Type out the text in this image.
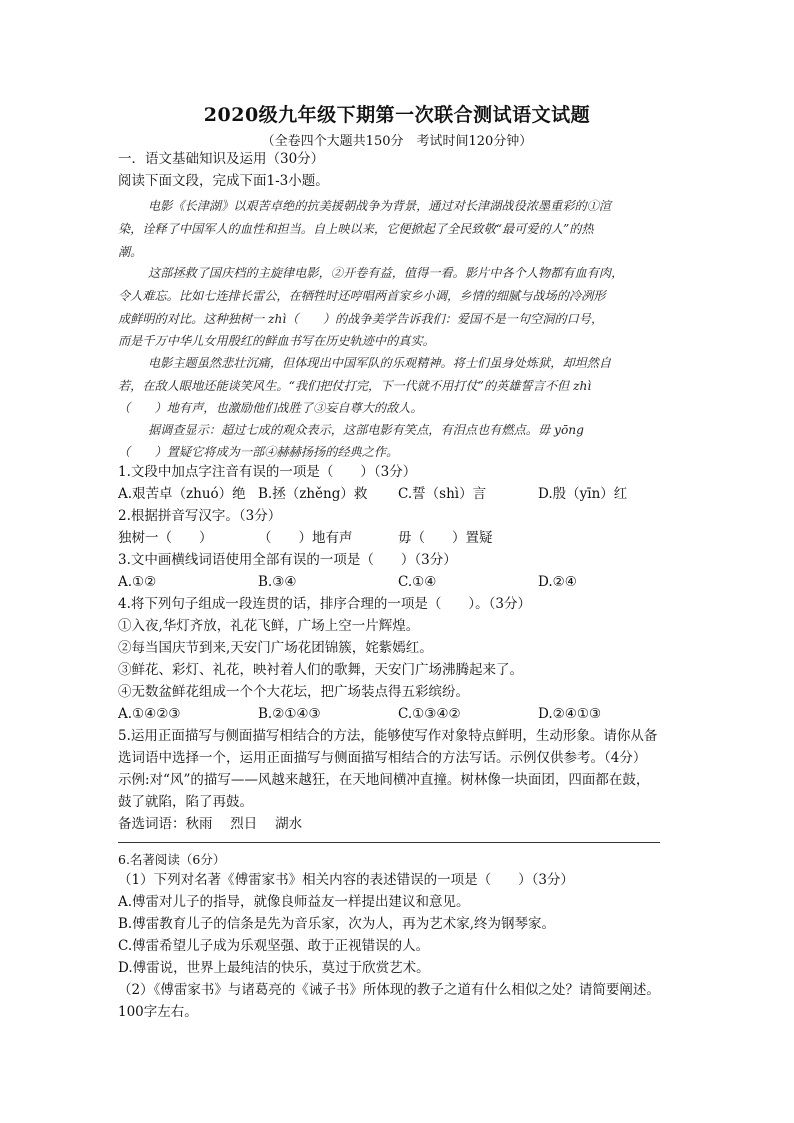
2020级九年级下期第一次联合测试语文试题
（全卷四个大题共150分　考试时间120分钟）
一．语文基础知识及运用（30分）
阅读下面文段，完成下面1-3小题。
电影《长津湖》以艰苦卓绝的抗美援朝战争为背景，通过对长津湖战役浓墨重彩的①渲
染，诠释了中国军人的血性和担当。自上映以来，它便掀起了全民致敬“最可爱的人”的热
潮。
这部拯救了国庆档的主旋律电影，②开卷有益，值得一看。影片中各个人物都有血有肉，
令人难忘。比如七连排长雷公，在牺牲时还哼唱两首家乡小调，乡情的细腻与战场的冷冽形
成鲜明的对比。这种独树一 zhì（　　）的战争美学告诉我们：爱国不是一句空洞的口号，
而是千万中华儿女用殷红的鲜血书写在历史轨迹中的真实。
电影主题虽然悲壮沉痛，但体现出中国军队的乐观精神。将士们虽身处炼狱，却坦然自
若，在敌人眼地还能谈笑风生。“我们把仗打完，下一代就不用打仗”的英雄誓言不但 zhì
（　　）地有声，也激励他们战胜了③妄自尊大的敌人。
据调查显示：超过七成的观众表示，这部电影有笑点，有泪点也有燃点。毋 yōng
（　　）置疑它将成为一部④赫赫扬扬的经典之作。
1.文段中加点字注音有误的一项是（　　）（3分）
A.艰苦卓（zhuó）绝 B.拯（zhěng）救 C.誓（shì）言	D.殷（yīn）红
2.根据拼音写汉字。（3分）
独树一（　　）	（　　）地有声	毋（　　）置疑
3.文中画横线词语使用全部有误的一项是（　　）（3分）
A.①②	B.③④	C.①④	D.②④
4.将下列句子组成一段连贯的话，排序合理的一项是（　　）。（3分）
①入夜,华灯齐放，礼花飞鲜，广场上空一片辉煌。
②每当国庆节到来,天安门广场花团锦簇，姹紫嫣红。
③鲜花、彩灯、礼花，映衬着人们的歌舞，天安门广场沸腾起来了。
④无数盆鲜花组成一个个大花坛，把广场装点得五彩缤纷。
A.①④②③	B.②①④③	C.①③④②	D.②④①③
5.运用正面描写与侧面描写相结合的方法，能够使写作对象特点鲜明，生动形象。请你从备
选词语中选择一个，运用正面描写与侧面描写相结合的方法写话。示例仅供参考。（4分）
示例:对“风”的描写——风越来越狂，在天地间横冲直撞。树林像一块面团，四面都在鼓，
鼓了就陷，陷了再鼓。
备选词语：秋雨　 烈日　 湖水
6.名著阅读（6分）
（1）下列对名著《傅雷家书》相关内容的表述错误的一项是（　　）（3分）
A.傅雷对儿子的指导，就像良师益友一样提出建议和意见。
B.傅雷教育儿子的信条是先为音乐家，次为人，再为艺术家,终为钢琴家。
C.傅雷希望儿子成为乐观坚强、敢于正视错误的人。
D.傅雷说，世界上最纯洁的快乐，莫过于欣赏艺术。
（2）《傅雷家书》与诸葛亮的《诫子书》所体现的教子之道有什么相似之处？请简要阐述。
100字左右。
